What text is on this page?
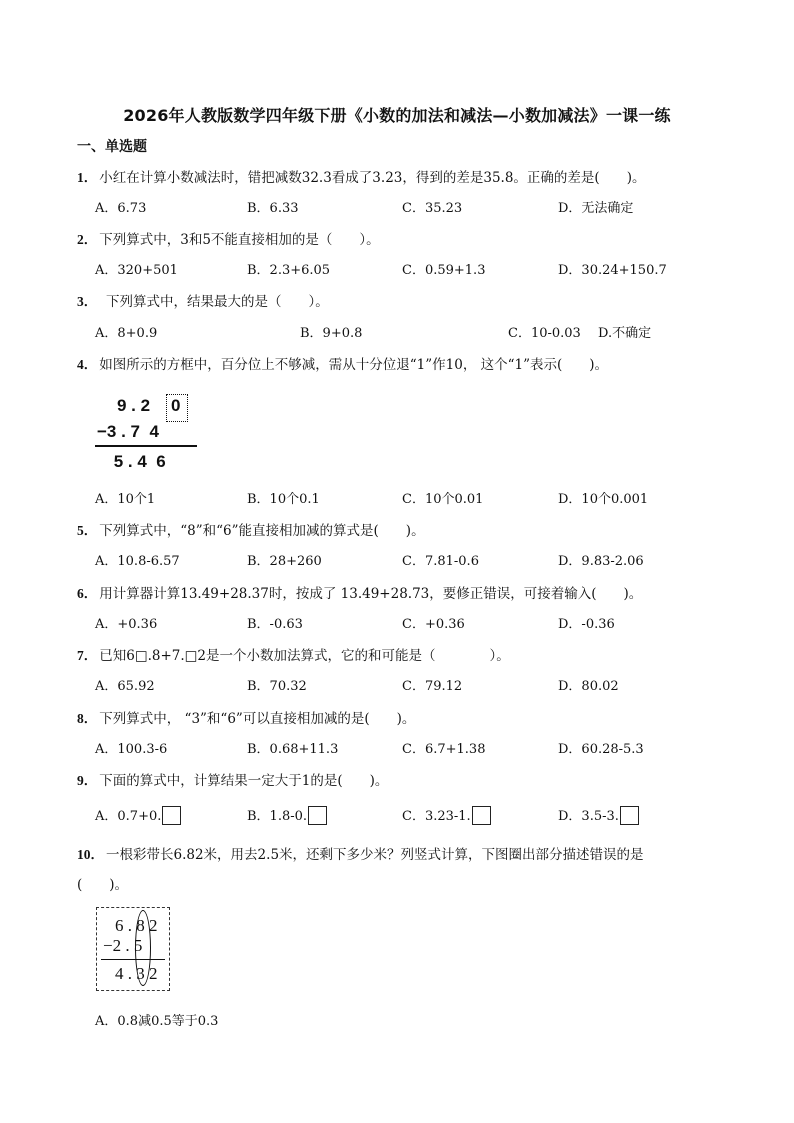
2026年人教版数学四年级下册《小数的加法和减法—小数加减法》一课一练
一、单选题
1． 小红在计算小数减法时，错把减数32.3看成了3.23，得到的差是35.8。正确的差是(　　)。
A．6.73	B．6.33	C．35.23	D．无法确定
2． 下列算式中，3和5不能直接相加的是（　　）。
A．320+501	B．2.3+6.05	C．0.59+1.3	D．30.24+150.7
3．　下列算式中，结果最大的是（　　）。
A．8+0.9	B．9+0.8	C．10-0.03 D.不确定
4． 如图所示的方框中，百分位上不够减，需从十分位退“1”作10， 这个“1”表示(　　)。
9 . 2 0
−3 . 7  4
5 . 4  6
A．10个1	B．10个0.1	C．10个0.01	D．10个0.001
5． 下列算式中，“8”和“6”能直接相加减的算式是(　　)。
A．10.8-6.57	B．28+260	C．7.81-0.6	D．9.83-2.06
6． 用计算器计算13.49+28.37时，按成了 13.49+28.73，要修正错误，可接着输入(　　)。
A．+0.36	B．-0.63	C．+0.36	D．-0.36
7． 已知6□.8+7.□2是一个小数加法算式，它的和可能是（　　　　）。
A．65.92	B．70.32	C．79.12	D．80.02
8． 下列算式中， “3”和“6”可以直接相加减的是(　　)。
A．100.3-6	B．0.68+11.3	C．6.7+1.38	D．60.28-5.3
9． 下面的算式中，计算结果一定大于1的是(　　)。
A．0.7+0.	B．1.8-0.	C．3.23-1.	D．3.5-3.
10． 一根彩带长6.82米，用去2.5米，还剩下多少米？列竖式计算，下图圈出部分描述错误的是
(　　)。
6 . 8 2
−2 . 5
4 . 3 2
A．0.8减0.5等于0.3
